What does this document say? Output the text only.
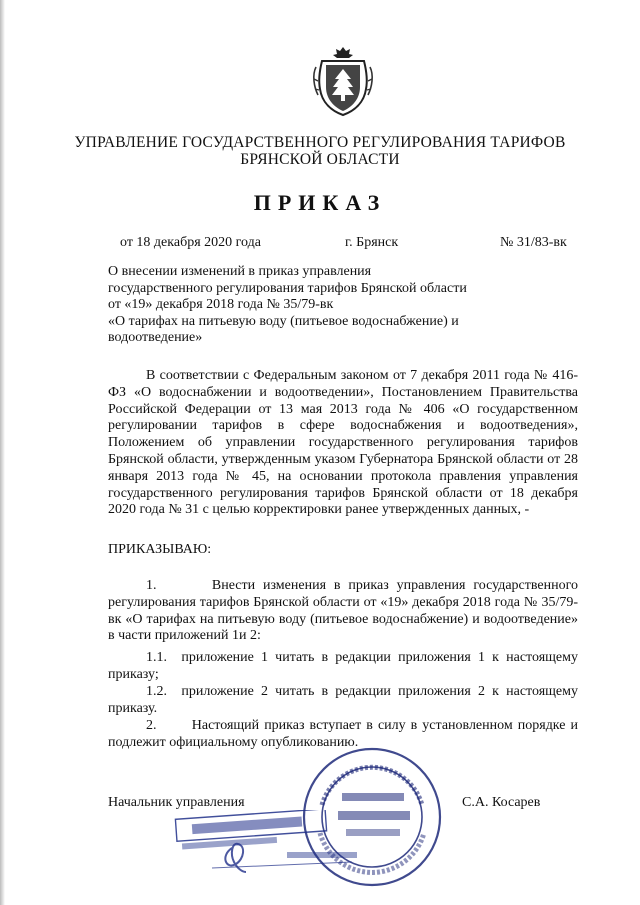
УПРАВЛЕНИЕ ГОСУДАРСТВЕННОГО РЕГУЛИРОВАНИЯ ТАРИФОВ
БРЯНСКОЙ ОБЛАСТИ
ПРИКАЗ
от 18 декабря 2020 года	г. Брянск	№ 31/83-вк
О внесении изменений в приказ управления
государственного регулирования тарифов Брянской области
от «19» декабря 2018 года № 35/79-вк
«О тарифах на питьевую воду (питьевое водоснабжение) и
водоотведение»
В соответствии с Федеральным законом от 7 декабря 2011 года № 416-ФЗ «О водоснабжении и водоотведении», Постановлением Правительства Российской Федерации от 13 мая 2013 года № 406 «О государственном регулировании тарифов в сфере водоснабжения и водоотведения», Положением об управлении государственного регулирования тарифов Брянской области, утвержденным указом Губернатора Брянской области от 28 января 2013 года № 45, на основании протокола правления управления государственного регулирования тарифов Брянской области от 18 декабря 2020 года № 31 с целью корректировки ранее утвержденных данных, -
ПРИКАЗЫВАЮ:
1.	Внести изменения в приказ управления государственного регулирования тарифов Брянской области от «19» декабря 2018 года № 35/79-вк «О тарифах на питьевую воду (питьевое водоснабжение) и водоотведение» в части приложений 1и 2:
1.1. приложение 1 читать в редакции приложения 1 к настоящему приказу;
1.2. приложение 2 читать в редакции приложения 2 к настоящему приказу.
2.	Настоящий приказ вступает в силу в установленном порядке и подлежит официальному опубликованию.
Начальник управления	С.А. Косарев
